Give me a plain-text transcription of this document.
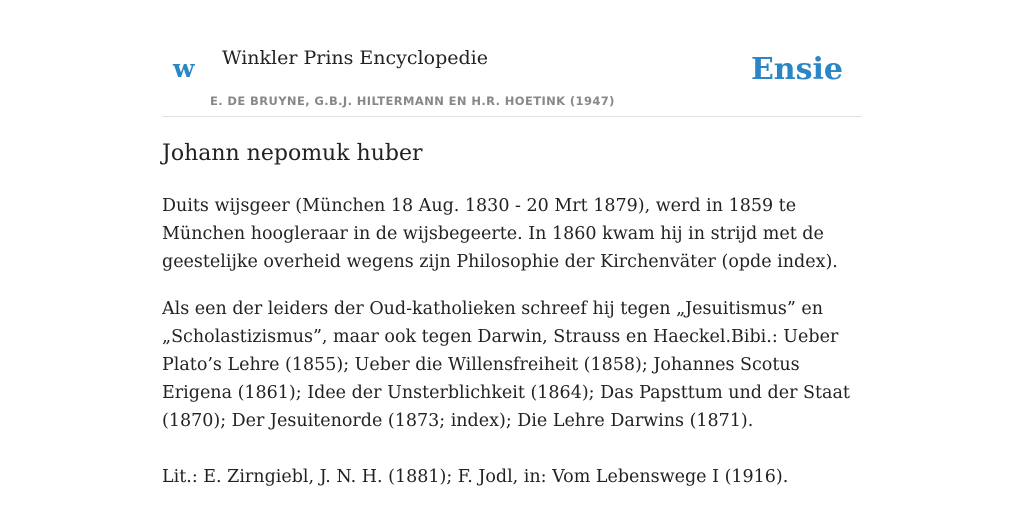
w Winkler Prins Encyclopedie
E. DE BRUYNE, G.B.J. HILTERMANN EN H.R. HOETINK (1947)
Ensie
Johann nepomuk huber

Duits wijsgeer (München 18 Aug. 1830 - 20 Mrt 1879), werd in 1859 te München hoogleraar in de wijsbegeerte. In 1860 kwam hij in strijd met de geestelijke overheid wegens zijn Philosophie der Kirchenväter (opde index).

Als een der leiders der Oud-katholieken schreef hij tegen „Jesuitismus” en „Scholastizismus”, maar ook tegen Darwin, Strauss en Haeckel.Bibi.: Ueber Plato’s Lehre (1855); Ueber die Willensfreiheit (1858); Johannes Scotus Erigena (1861); Idee der Unsterblichkeit (1864); Das Papsttum und der Staat (1870); Der Jesuitenorde (1873; index); Die Lehre Darwins (1871).

Lit.: E. Zirngiebl, J. N. H. (1881); F. Jodl, in: Vom Lebenswege I (1916).
